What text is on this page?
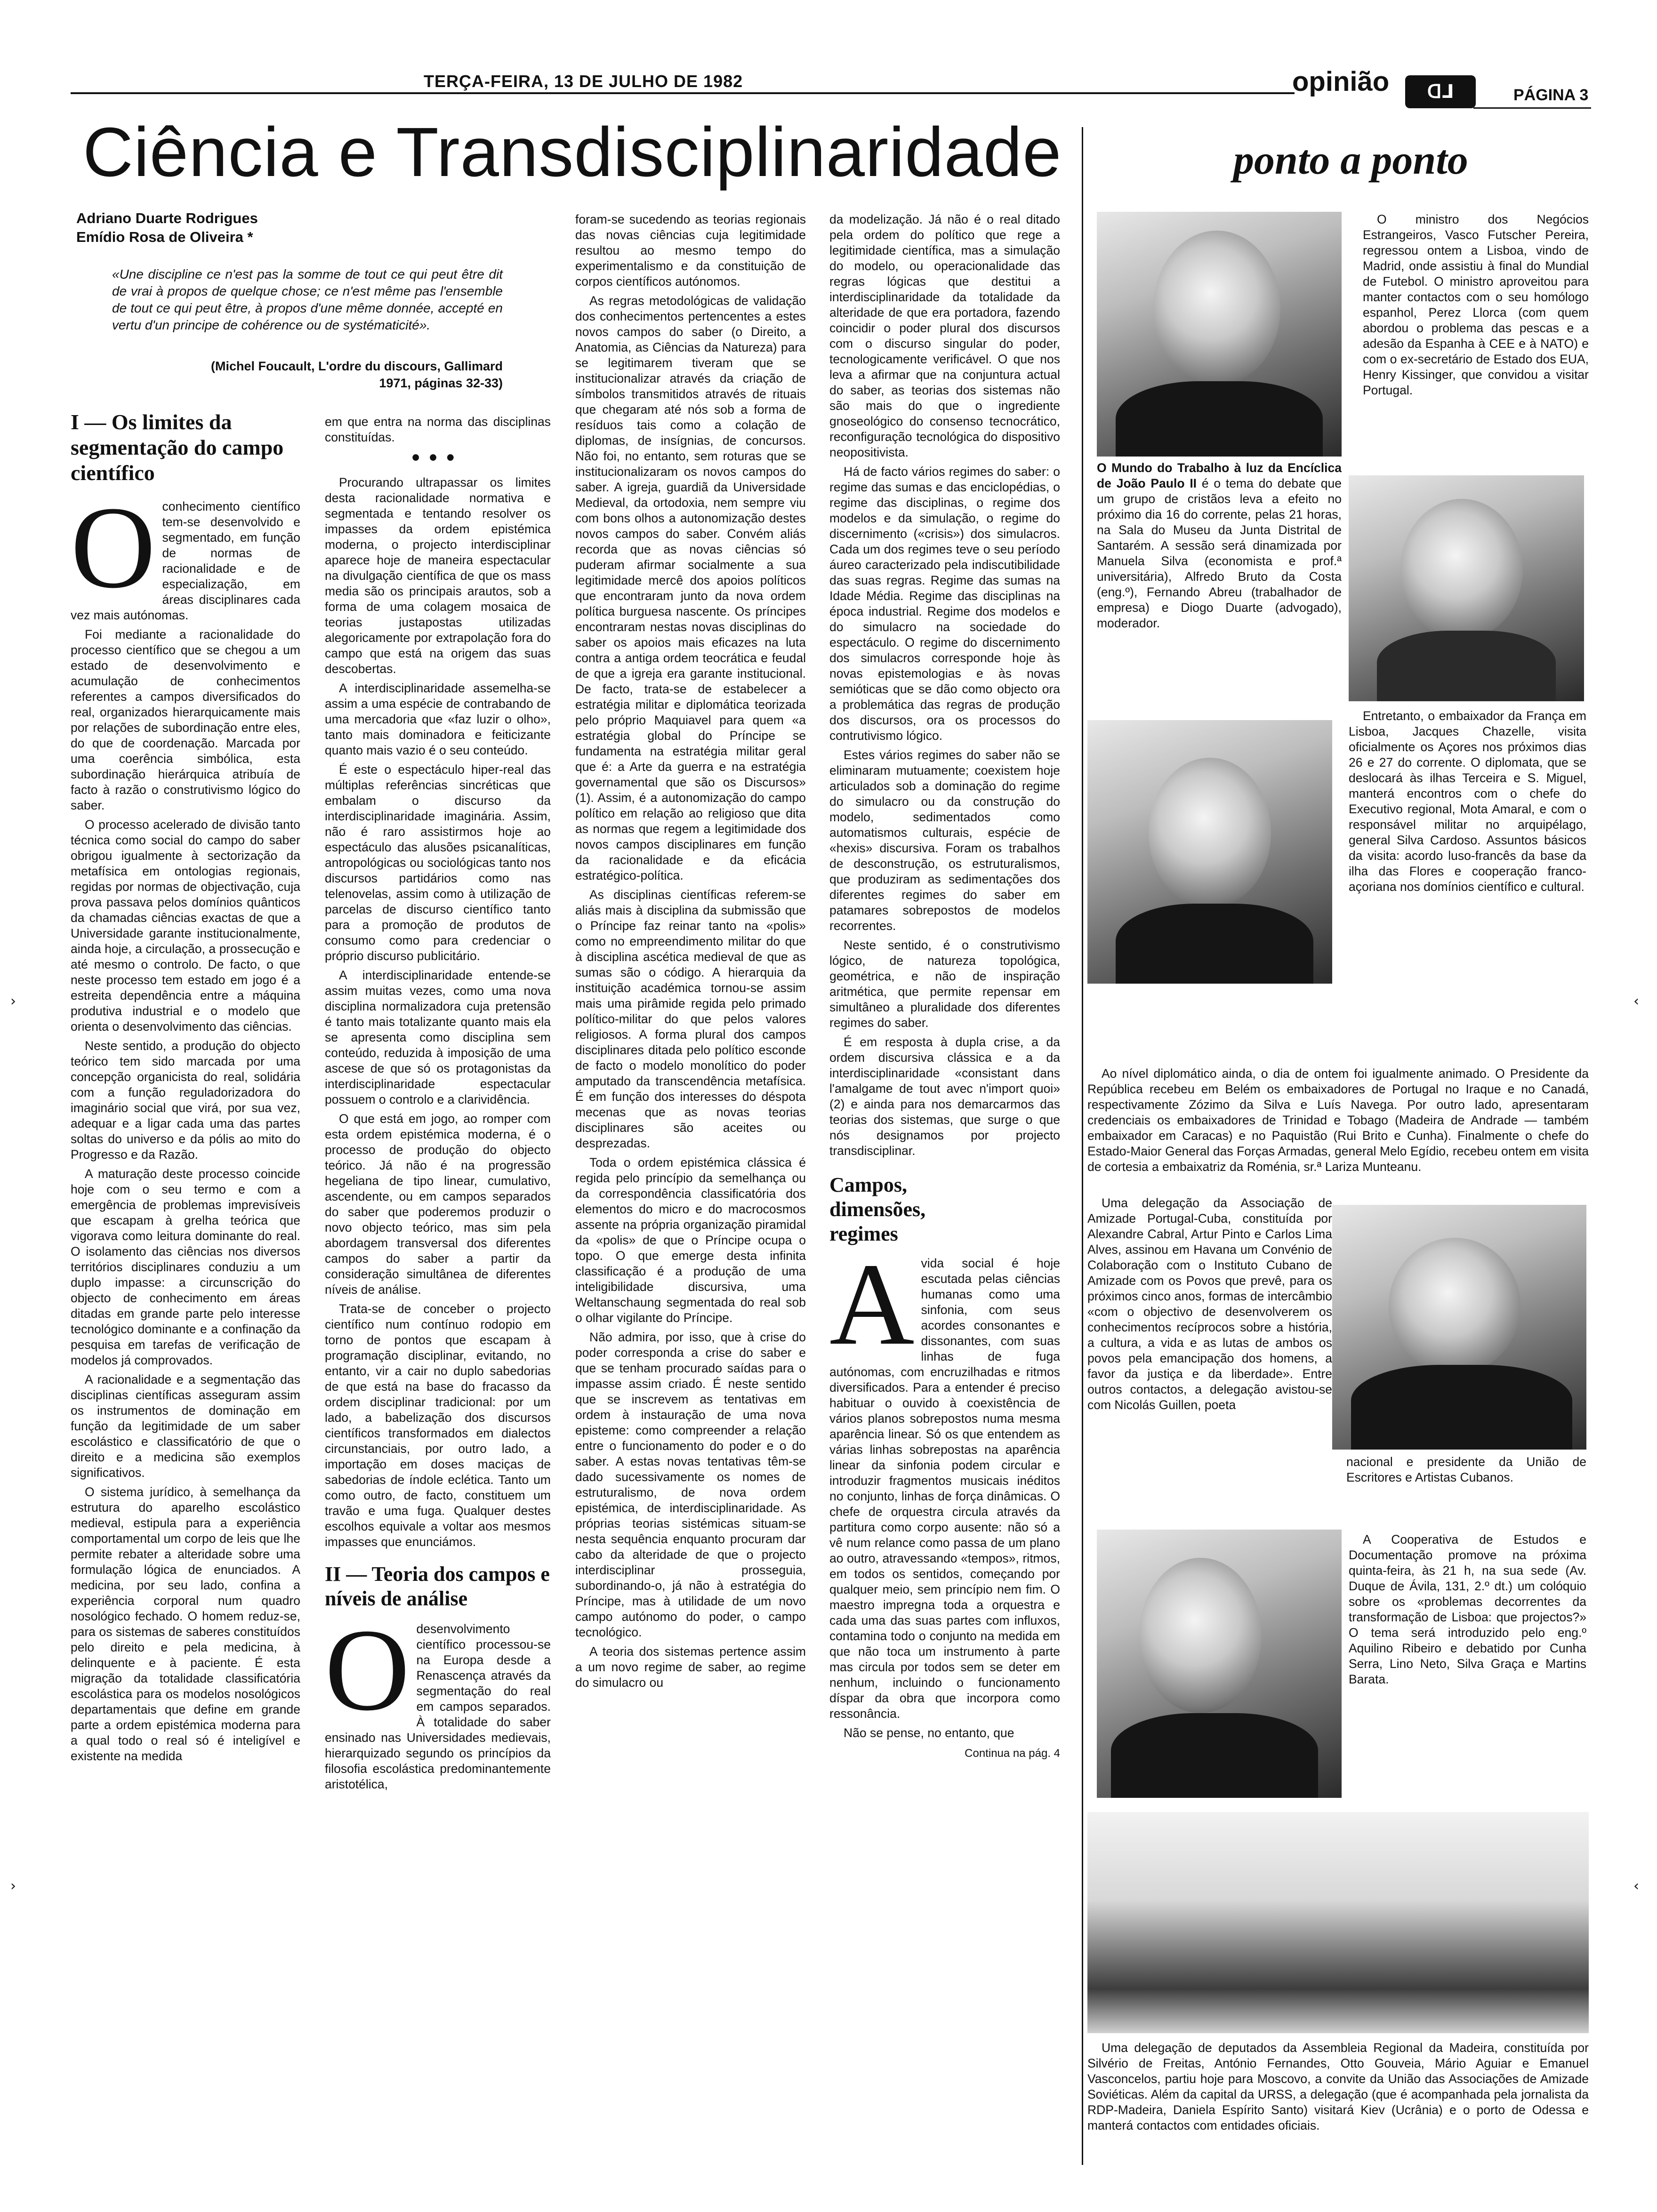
TERÇA-FEIRA, 13 DE JULHO DE 1982	opinião ᗡ⅃	PÁGINA 3
Ciência e Transdisciplinaridade
Adriano Duarte Rodrigues
Emídio Rosa de Oliveira *
«Une discipline ce n'est pas la somme de tout ce qui peut être dit de vrai à propos de quelque chose; ce n'est même pas l'ensemble de tout ce qui peut être, à propos d'une même donnée, accepté en vertu d'un principe de cohérence ou de systématicité».
(Michel Foucault, L'ordre du discours, Gallimard 1971, páginas 32-33)
I — Os limites da segmentação do campo científico
O conhecimento científico tem-se desenvolvido e segmentado, em função de normas de racionalidade e de especialização, em áreas disciplinares cada vez mais autónomas.

Foi mediante a racionalidade do processo científico que se chegou a um estado de desenvolvimento e acumulação de conhecimentos referentes a campos diversificados do real, organizados hierarquicamente mais por relações de subordinação entre eles, do que de coordenação. Marcada por uma coerência simbólica, esta subordinação hierárquica atribuía de facto à razão o construtivismo lógico do saber.

O processo acelerado de divisão tanto técnica como social do campo do saber obrigou igualmente à sectorização da metafísica em ontologias regionais, regidas por normas de objectivação, cuja prova passava pelos domínios quânticos da chamadas ciências exactas de que a Universidade garante institucionalmente, ainda hoje, a circulação, a prossecução e até mesmo o controlo. De facto, o que neste processo tem estado em jogo é a estreita dependência entre a máquina produtiva industrial e o modelo que orienta o desenvolvimento das ciências.

Neste sentido, a produção do objecto teórico tem sido marcada por uma concepção organicista do real, solidária com a função reguladorizadora do imaginário social que virá, por sua vez, adequar e a ligar cada uma das partes soltas do universo e da pólis ao mito do Progresso e da Razão.

A maturação deste processo coincide hoje com o seu termo e com a emergência de problemas imprevisíveis que escapam à grelha teórica que vigorava como leitura dominante do real. O isolamento das ciências nos diversos territórios disciplinares conduziu a um duplo impasse: a circunscrição do objecto de conhecimento em áreas ditadas em grande parte pelo interesse tecnológico dominante e a confinação da pesquisa em tarefas de verificação de modelos já comprovados.

A racionalidade e a segmentação das disciplinas científicas asseguram assim os instrumentos de dominação em função da legitimidade de um saber escolástico e classificatório de que o direito e a medicina são exemplos significativos.

O sistema jurídico, à semelhança da estrutura do aparelho escolástico medieval, estipula para a experiência comportamental um corpo de leis que lhe permite rebater a alteridade sobre uma formulação lógica de enunciados. A medicina, por seu lado, confina a experiência corporal num quadro nosológico fechado. O homem reduz-se, para os sistemas de saberes constituídos pelo direito e pela medicina, à delinquente e à paciente. É esta migração da totalidade classificatória escolástica para os modelos nosológicos departamentais que define em grande parte a ordem epistémica moderna para a qual todo o real só é inteligível e existente na medida

em que entra na norma das disciplinas constituídas.

•••

Procurando ultrapassar os limites desta racionalidade normativa e segmentada e tentando resolver os impasses da ordem epistémica moderna, o projecto interdisciplinar aparece hoje de maneira espectacular na divulgação científica de que os mass media são os principais arautos, sob a forma de uma colagem mosaica de teorias justapostas utilizadas alegoricamente por extrapolação fora do campo que está na origem das suas descobertas.

A interdisciplinaridade assemelha-se assim a uma espécie de contrabando de uma mercadoria que «faz luzir o olho», tanto mais dominadora e feiticizante quanto mais vazio é o seu conteúdo.

É este o espectáculo hiper-real das múltiplas referências sincréticas que embalam o discurso da interdisciplinaridade imaginária. Assim, não é raro assistirmos hoje ao espectáculo das alusões psicanalíticas, antropológicas ou sociológicas tanto nos discursos partidários como nas telenovelas, assim como à utilização de parcelas de discurso científico tanto para a promoção de produtos de consumo como para credenciar o próprio discurso publicitário.

A interdisciplinaridade entende-se assim muitas vezes, como uma nova disciplina normalizadora cuja pretensão é tanto mais totalizante quanto mais ela se apresenta como disciplina sem conteúdo, reduzida à imposição de uma ascese de que só os protagonistas da interdisciplinaridade espectacular possuem o controlo e a clarividência.

O que está em jogo, ao romper com esta ordem epistémica moderna, é o processo de produção do objecto teórico. Já não é na progressão hegeliana de tipo linear, cumulativo, ascendente, ou em campos separados do saber que poderemos produzir o novo objecto teórico, mas sim pela abordagem transversal dos diferentes campos do saber a partir da consideração simultânea de diferentes níveis de análise.

Trata-se de conceber o projecto científico num contínuo rodopio em torno de pontos que escapam à programação disciplinar, evitando, no entanto, vir a cair no duplo sabedorias de que está na base do fracasso da ordem disciplinar tradicional: por um lado, a babelização dos discursos científicos transformados em dialectos circunstanciais, por outro lado, a importação em doses maciças de sabedorias de índole eclética. Tanto um como outro, de facto, constituem um travão e uma fuga. Qualquer destes escolhos equivale a voltar aos mesmos impasses que enunciámos.

II — Teoria dos campos e níveis de análise
O desenvolvimento científico processou-se na Europa desde a Renascença através da segmentação do real em campos separados. À totalidade do saber ensinado nas Universidades medievais, hierarquizado segundo os princípios da filosofia escolástica predominantemente aristotélica,

foram-se sucedendo as teorias regionais das novas ciências cuja legitimidade resultou ao mesmo tempo do experimentalismo e da constituição de corpos científicos autónomos.

As regras metodológicas de validação dos conhecimentos pertencentes a estes novos campos do saber (o Direito, a Anatomia, as Ciências da Natureza) para se legitimarem tiveram que se institucionalizar através da criação de símbolos transmitidos através de rituais que chegaram até nós sob a forma de resíduos tais como a colação de diplomas, de insígnias, de concursos. Não foi, no entanto, sem roturas que se institucionalizaram os novos campos do saber. A igreja, guardiã da Universidade Medieval, da ortodoxia, nem sempre viu com bons olhos a autonomização destes novos campos do saber. Convém aliás recorda que as novas ciências só puderam afirmar socialmente a sua legitimidade mercê dos apoios políticos que encontraram junto da nova ordem política burguesa nascente. Os príncipes encontraram nestas novas disciplinas do saber os apoios mais eficazes na luta contra a antiga ordem teocrática e feudal de que a igreja era garante institucional. De facto, trata-se de estabelecer a estratégia militar e diplomática teorizada pelo próprio Maquiavel para quem «a estratégia global do Príncipe se fundamenta na estratégia militar geral que é: a Arte da guerra e na estratégia governamental que são os Discursos» (1). Assim, é a autonomização do campo político em relação ao religioso que dita as normas que regem a legitimidade dos novos campos disciplinares em função da racionalidade e da eficácia estratégico-política.

As disciplinas científicas referem-se aliás mais à disciplina da submissão que o Príncipe faz reinar tanto na «polis» como no empreendimento militar do que à disciplina ascética medieval de que as sumas são o código. A hierarquia da instituição académica tornou-se assim mais uma pirâmide regida pelo primado político-militar do que pelos valores religiosos. A forma plural dos campos disciplinares ditada pelo político esconde de facto o modelo monolítico do poder amputado da transcendência metafísica. É em função dos interesses do déspota mecenas que as novas teorias disciplinares são aceites ou desprezadas.

Toda o ordem epistémica clássica é regida pelo princípio da semelhança ou da correspondência classificatória dos elementos do micro e do macrocosmos assente na própria organização piramidal da «polis» de que o Príncipe ocupa o topo. O que emerge desta infinita classificação é a produção de uma inteligibilidade discursiva, uma Weltanschaung segmentada do real sob o olhar vigilante do Príncipe.

Não admira, por isso, que à crise do poder corresponda a crise do saber e que se tenham procurado saídas para o impasse assim criado. É neste sentido que se inscrevem as tentativas em ordem à instauração de uma nova episteme: como compreender a relação entre o funcionamento do poder e o do saber. A estas novas tentativas têm-se dado sucessivamente os nomes de estruturalismo, de nova ordem epistémica, de interdisciplinaridade. As próprias teorias sistémicas situam-se nesta sequência enquanto procuram dar cabo da alteridade de que o projecto interdisciplinar prosseguia, subordinando-o, já não à estratégia do Príncipe, mas à utilidade de um novo campo autónomo do poder, o campo tecnológico.

A teoria dos sistemas pertence assim a um novo regime de saber, ao regime do simulacro ou

da modelização. Já não é o real ditado pela ordem do político que rege a legitimidade científica, mas a simulação do modelo, ou operacionalidade das regras lógicas que destitui a interdisciplinaridade da totalidade da alteridade de que era portadora, fazendo coincidir o poder plural dos discursos com o discurso singular do poder, tecnologicamente verificável. O que nos leva a afirmar que na conjuntura actual do saber, as teorias dos sistemas não são mais do que o ingrediente gnoseológico do consenso tecnocrático, reconfiguração tecnológica do dispositivo neopositivista.

Há de facto vários regimes do saber: o regime das sumas e das enciclopédias, o regime das disciplinas, o regime dos modelos e da simulação, o regime do discernimento («crisis») dos simulacros. Cada um dos regimes teve o seu período áureo caracterizado pela indiscutibilidade das suas regras. Regime das sumas na Idade Média. Regime das disciplinas na época industrial. Regime dos modelos e do simulacro na sociedade do espectáculo. O regime do discernimento dos simulacros corresponde hoje às novas epistemologias e às novas semióticas que se dão como objecto ora a problemática das regras de produção dos discursos, ora os processos do contrutivismo lógico.

Estes vários regimes do saber não se eliminaram mutuamente; coexistem hoje articulados sob a dominação do regime do simulacro ou da construção do modelo, sedimentados como automatismos culturais, espécie de «hexis» discursiva. Foram os trabalhos de desconstrução, os estruturalismos, que produziram as sedimentações dos diferentes regimes do saber em patamares sobrepostos de modelos recorrentes.

Neste sentido, é o construtivismo lógico, de natureza topológica, geométrica, e não de inspiração aritmética, que permite repensar em simultâneo a pluralidade dos diferentes regimes do saber.

É em resposta à dupla crise, a da ordem discursiva clássica e a da interdisciplinaridade «consistant dans l'amalgame de tout avec n'import quoi» (2) e ainda para nos demarcarmos das teorias dos sistemas, que surge o que nós designamos por projecto transdisciplinar.

Campos, dimensões, regimes
A vida social é hoje escutada pelas ciências humanas como uma sinfonia, com seus acordes consonantes e dissonantes, com suas linhas de fuga autónomas, com encruzilhadas e ritmos diversificados. Para a entender é preciso habituar o ouvido à coexistência de vários planos sobrepostos numa mesma aparência linear. Só os que entendem as várias linhas sobrepostas na aparência linear da sinfonia podem circular e introduzir fragmentos musicais inéditos no conjunto, linhas de força dinâmicas. O chefe de orquestra circula através da partitura como corpo ausente: não só a vê num relance como passa de um plano ao outro, atravessando «tempos», ritmos, em todos os sentidos, começando por qualquer meio, sem princípio nem fim. O maestro impregna toda a orquestra e cada uma das suas partes com influxos, contamina todo o conjunto na medida em que não toca um instrumento à parte mas circula por todos sem se deter em nenhum, incluindo o funcionamento díspar da obra que incorpora como ressonância.

Não se pense, no entanto, que

Continua na pág. 4
ponto a ponto
O ministro dos Negócios Estrangeiros, Vasco Futscher Pereira, regressou ontem a Lisboa, vindo de Madrid, onde assistiu à final do Mundial de Futebol. O ministro aproveitou para manter contactos com o seu homólogo espanhol, Perez Llorca (com quem abordou o problema das pescas e a adesão da Espanha à CEE e à NATO) e com o ex-secretário de Estado dos EUA, Henry Kissinger, que convidou a visitar Portugal.
O Mundo do Trabalho à luz da Encíclica de João Paulo II é o tema do debate que um grupo de cristãos leva a efeito no próximo dia 16 do corrente, pelas 21 horas, na Sala do Museu da Junta Distrital de Santarém. A sessão será dinamizada por Manuela Silva (economista e prof.ª universitária), Alfredo Bruto da Costa (eng.º), Fernando Abreu (trabalhador de empresa) e Diogo Duarte (advogado), moderador.
Entretanto, o embaixador da França em Lisboa, Jacques Chazelle, visita oficialmente os Açores nos próximos dias 26 e 27 do corrente. O diplomata, que se deslocará às ilhas Terceira e S. Miguel, manterá encontros com o chefe do Executivo regional, Mota Amaral, e com o responsável militar no arquipélago, general Silva Cardoso. Assuntos básicos da visita: acordo luso-francês da base da ilha das Flores e cooperação franco-açoriana nos domínios científico e cultural.
Ao nível diplomático ainda, o dia de ontem foi igualmente animado. O Presidente da República recebeu em Belém os embaixadores de Portugal no Iraque e no Canadá, respectivamente Zózimo da Silva e Luís Navega. Por outro lado, apresentaram credenciais os embaixadores de Trinidad e Tobago (Madeira de Andrade — também embaixador em Caracas) e no Paquistão (Rui Brito e Cunha). Finalmente o chefe do Estado-Maior General das Forças Armadas, general Melo Egídio, recebeu ontem em visita de cortesia a embaixatriz da Roménia, sr.ª Lariza Munteanu.
Uma delegação da Associação de Amizade Portugal-Cuba, constituída por Alexandre Cabral, Artur Pinto e Carlos Lima Alves, assinou em Havana um Convénio de Colaboração com o Instituto Cubano de Amizade com os Povos que prevê, para os próximos cinco anos, formas de intercâmbio «com o objectivo de desenvolverem os conhecimentos recíprocos sobre a história, a cultura, a vida e as lutas de ambos os povos pela emancipação dos homens, a favor da justiça e da liberdade». Entre outros contactos, a delegação avistou-se com Nicolás Guillen, poeta
nacional e presidente da União de Escritores e Artistas Cubanos.
A Cooperativa de Estudos e Documentação promove na próxima quinta-feira, às 21 h, na sua sede (Av. Duque de Ávila, 131, 2.º dt.) um colóquio sobre os «problemas decorrentes da transformação de Lisboa: que projectos?» O tema será introduzido pelo eng.º Aquilino Ribeiro e debatido por Cunha Serra, Lino Neto, Silva Graça e Martins Barata.
Uma delegação de deputados da Assembleia Regional da Madeira, constituída por Silvério de Freitas, António Fernandes, Otto Gouveia, Mário Aguiar e Emanuel Vasconcelos, partiu hoje para Moscovo, a convite da União das Associações de Amizade Soviéticas. Além da capital da URSS, a delegação (que é acompanhada pela jornalista da RDP-Madeira, Daniela Espírito Santo) visitará Kiev (Ucrânia) e o porto de Odessa e manterá contactos com entidades oficiais.
›
›
‹
‹
